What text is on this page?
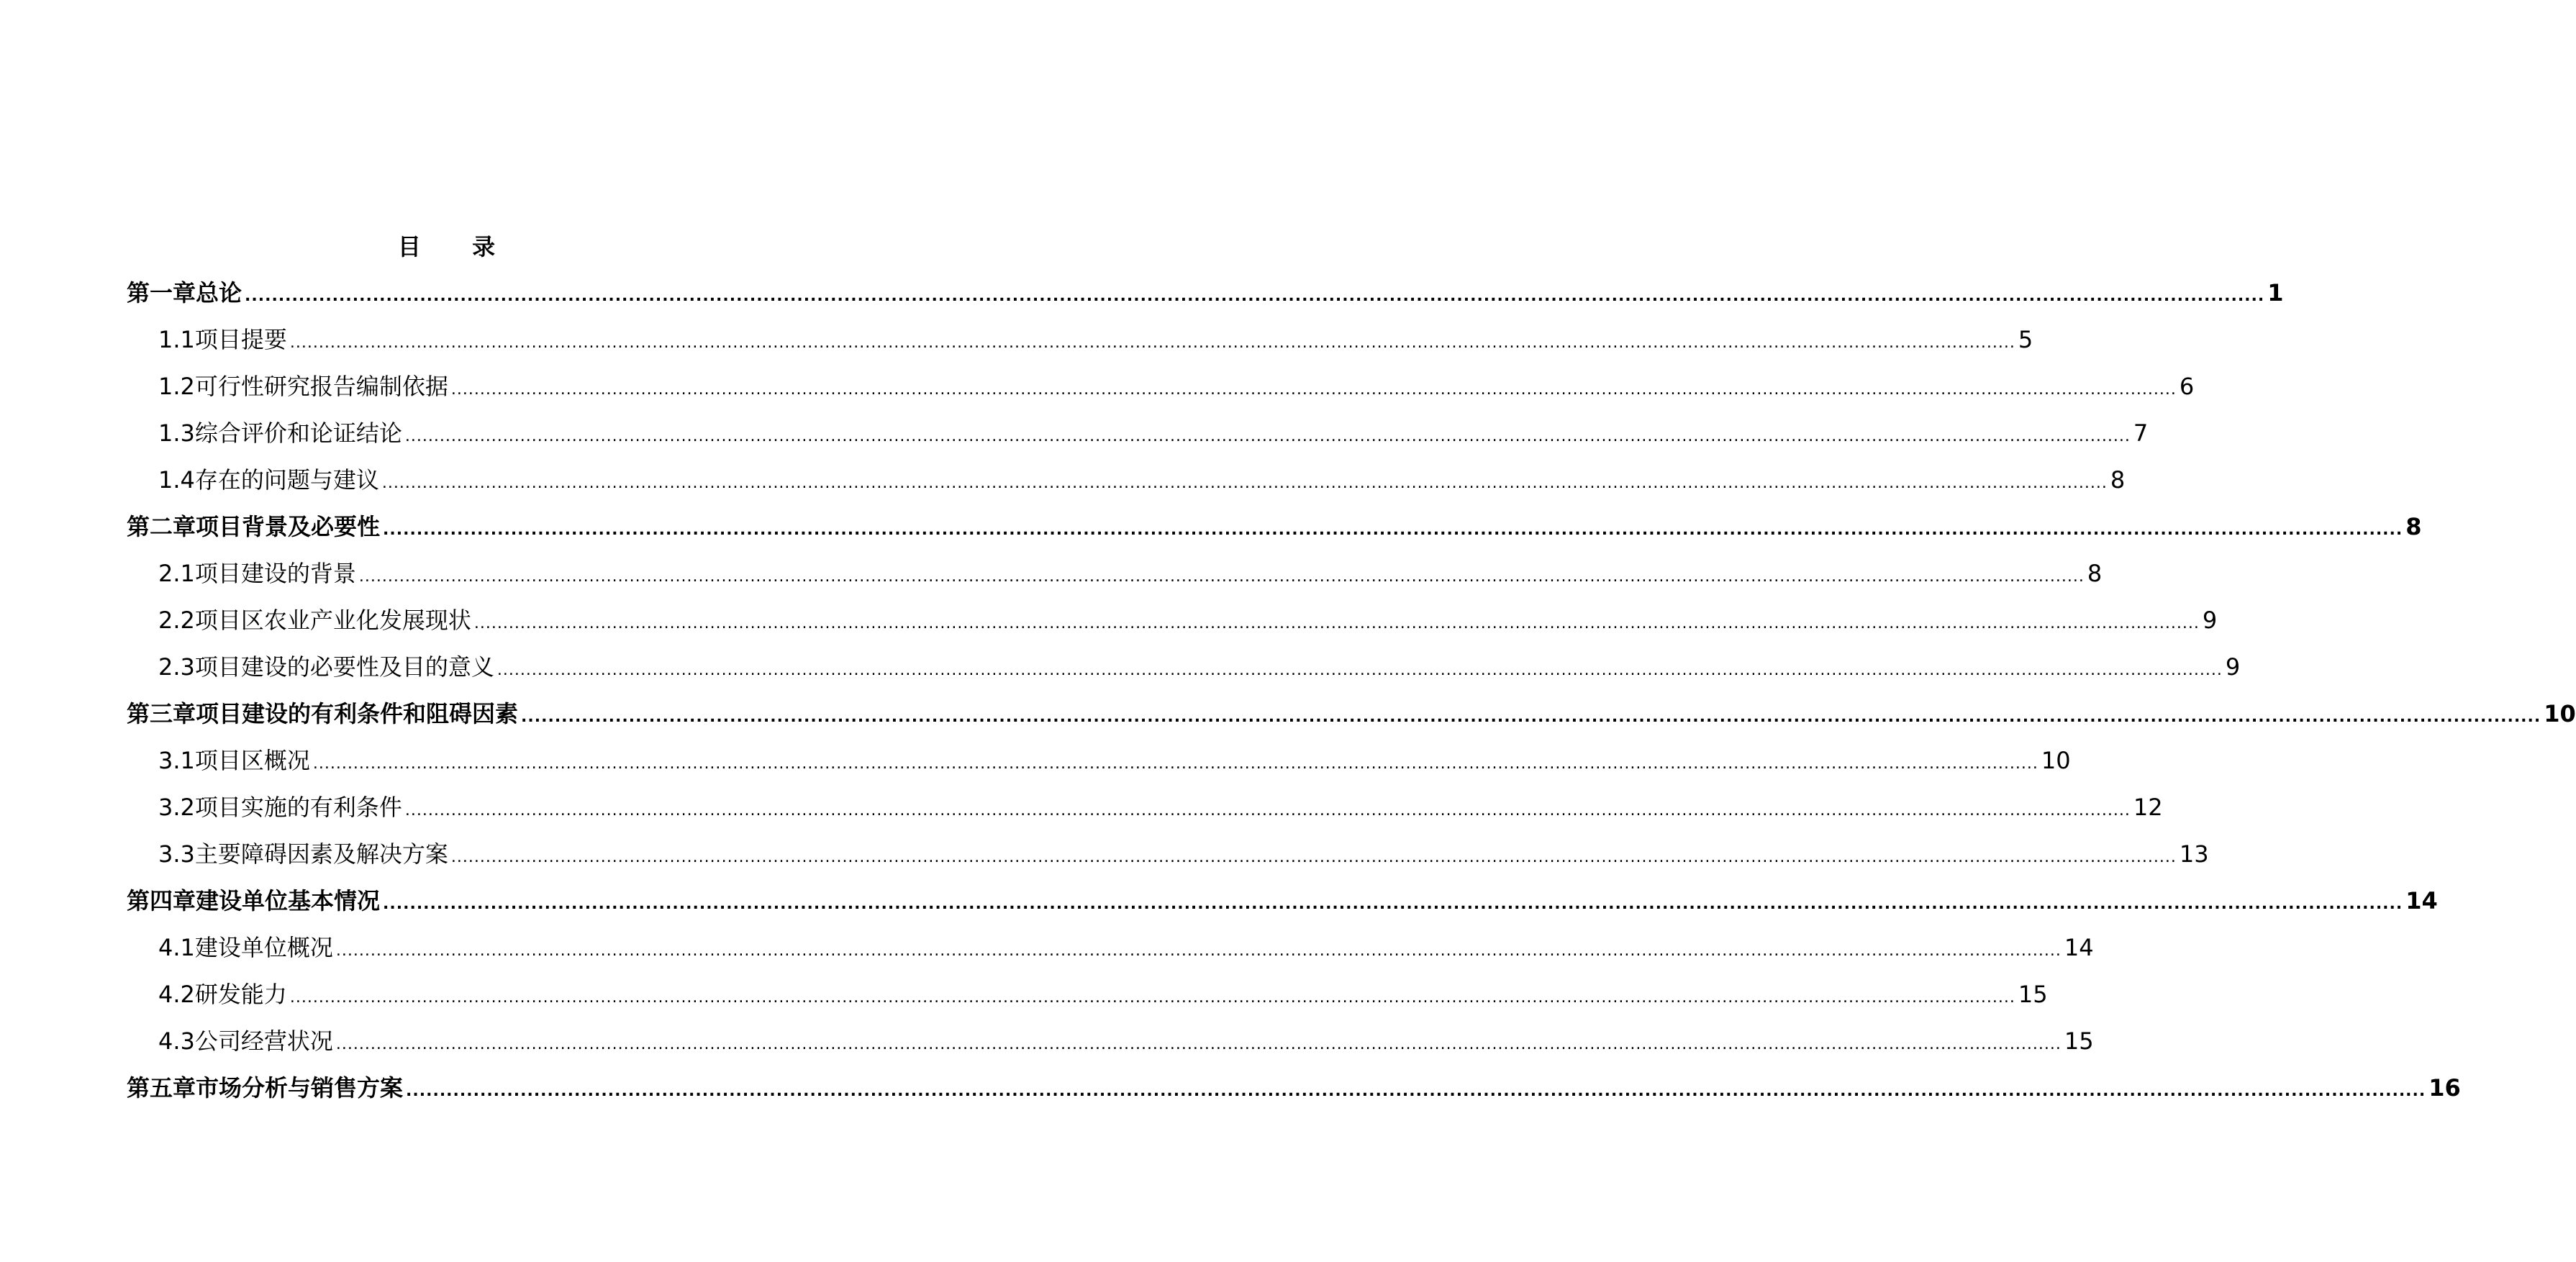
目 录
第一章 总论 ............................................................................................................................................................................................................................................................................................................ 1
1.1 项目提要 ............................................................................................................................................................................................................................................................................................................ 5
1.2 可行性研究报告编制依据 ............................................................................................................................................................................................................................................................................................................ 6
1.3 综合评价和论证结论 ............................................................................................................................................................................................................................................................................................................ 7
1.4 存在的问题与建议 ............................................................................................................................................................................................................................................................................................................ 8
第二章 项目背景及必要性 ............................................................................................................................................................................................................................................................................................................ 8
2.1 项目建设的背景 ............................................................................................................................................................................................................................................................................................................ 8
2.2 项目区农业产业化发展现状 ............................................................................................................................................................................................................................................................................................................ 9
2.3 项目建设的必要性及目的意义 ............................................................................................................................................................................................................................................................................................................ 9
第三章 项目建设的有利条件和阻碍因素 ............................................................................................................................................................................................................................................................................................................ 10
3.1 项目区概况 ............................................................................................................................................................................................................................................................................................................ 10
3.2 项目实施的有利条件 ............................................................................................................................................................................................................................................................................................................ 12
3.3 主要障碍因素及解决方案 ............................................................................................................................................................................................................................................................................................................ 13
第四章 建设单位基本情况 ............................................................................................................................................................................................................................................................................................................ 14
4.1 建设单位概况 ............................................................................................................................................................................................................................................................................................................ 14
4.2 研发能力 ............................................................................................................................................................................................................................................................................................................ 15
4.3 公司经营状况 ............................................................................................................................................................................................................................................................................................................ 15
第五章 市场分析与销售方案 ............................................................................................................................................................................................................................................................................................................ 16
